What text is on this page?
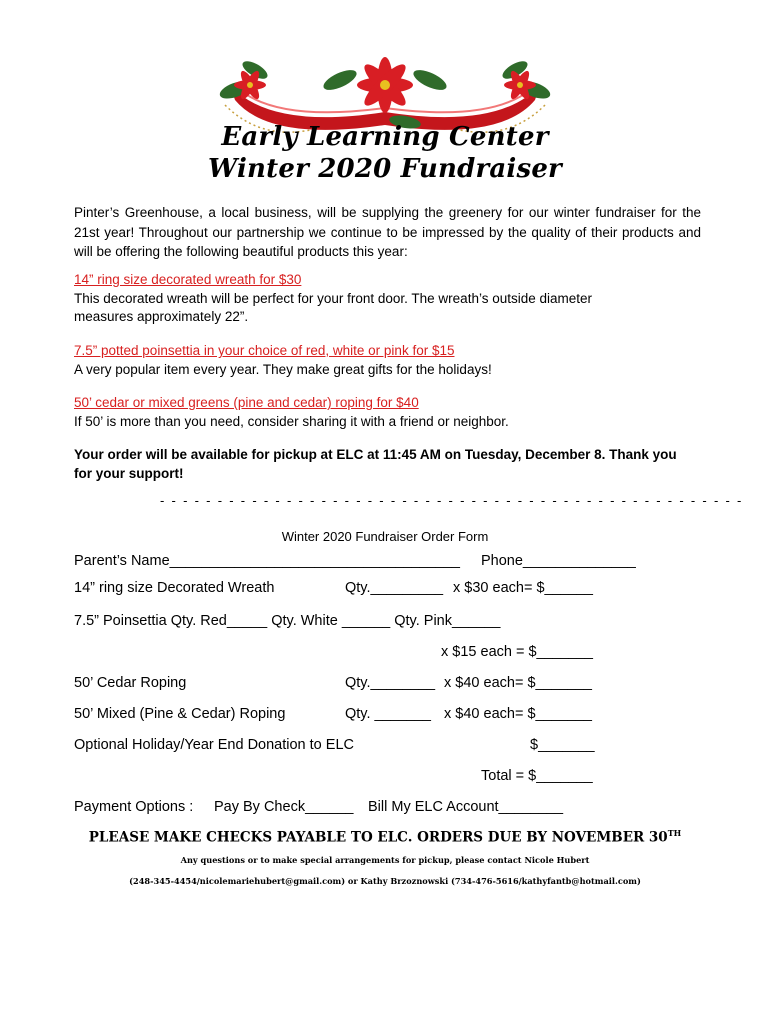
Early Learning Center
Winter 2020 Fundraiser

Pinter’s Greenhouse, a local business, will be supplying the greenery for our winter fundraiser for the 21st year! Throughout our partnership we continue to be impressed by the quality of their products and will be offering the following beautiful products this year:

14” ring size decorated wreath for $30
This decorated wreath will be perfect for your front door. The wreath’s outside diameter measures approximately 22”.
7.5” potted poinsettia in your choice of red, white or pink for $15
A very popular item every year. They make great gifts for the holidays!
50’ cedar or mixed greens (pine and cedar) roping for $40
If 50’ is more than you need, consider sharing it with a friend or neighbor.
Your order will be available for pickup at ELC at 11:45 AM on Tuesday, December 8. Thank you for your support!
- - - - - - - - - - - - - - - - - - - - - - - - - - - - - - - - - - - - - - - - - - - - - - - - - - -
Winter 2020 Fundraiser Order Form
Parent’s Name____________________________________ Phone______________
14” ring size Decorated Wreath	Qty._________ x $30 each= $______
7.5” Poinsettia Qty. Red_____ Qty. White ______ Qty. Pink______
x $15 each = $_______
50’ Cedar Roping	Qty.________ x $40 each= $_______
50’ Mixed (Pine & Cedar) Roping	Qty. _______ x $40 each= $_______
Optional Holiday/Year End Donation to ELC	$_______
Total = $_______
Payment Options : Pay By Check______ Bill My ELC Account________
PLEASE MAKE CHECKS PAYABLE TO ELC. ORDERS DUE BY NOVEMBER 30TH
Any questions or to make special arrangements for pickup, please contact Nicole Hubert
(248-345-4454/nicolemariehubert@gmail.com) or Kathy Brzoznowski (734-476-5616/kathyfantb@hotmail.com)
